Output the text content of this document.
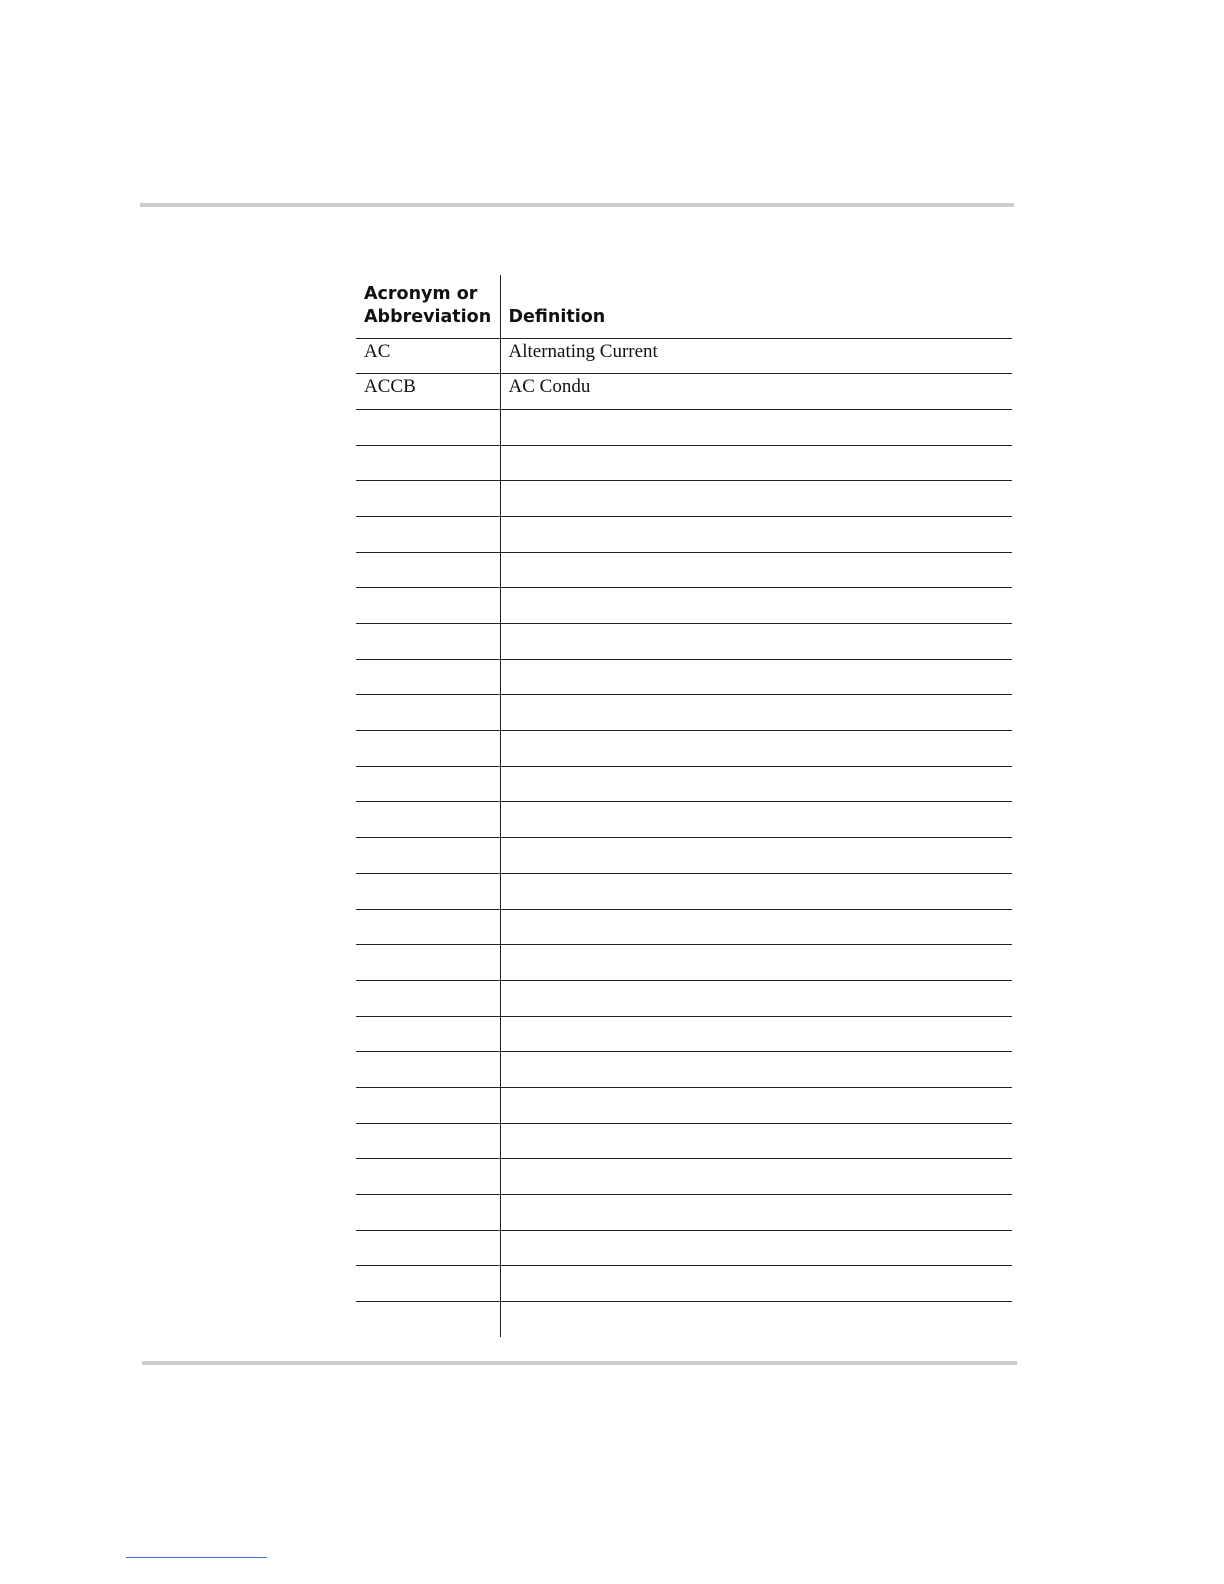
Acronym or
Abbreviation	Definition
AC	Alternating Current
ACCB	AC Condu
